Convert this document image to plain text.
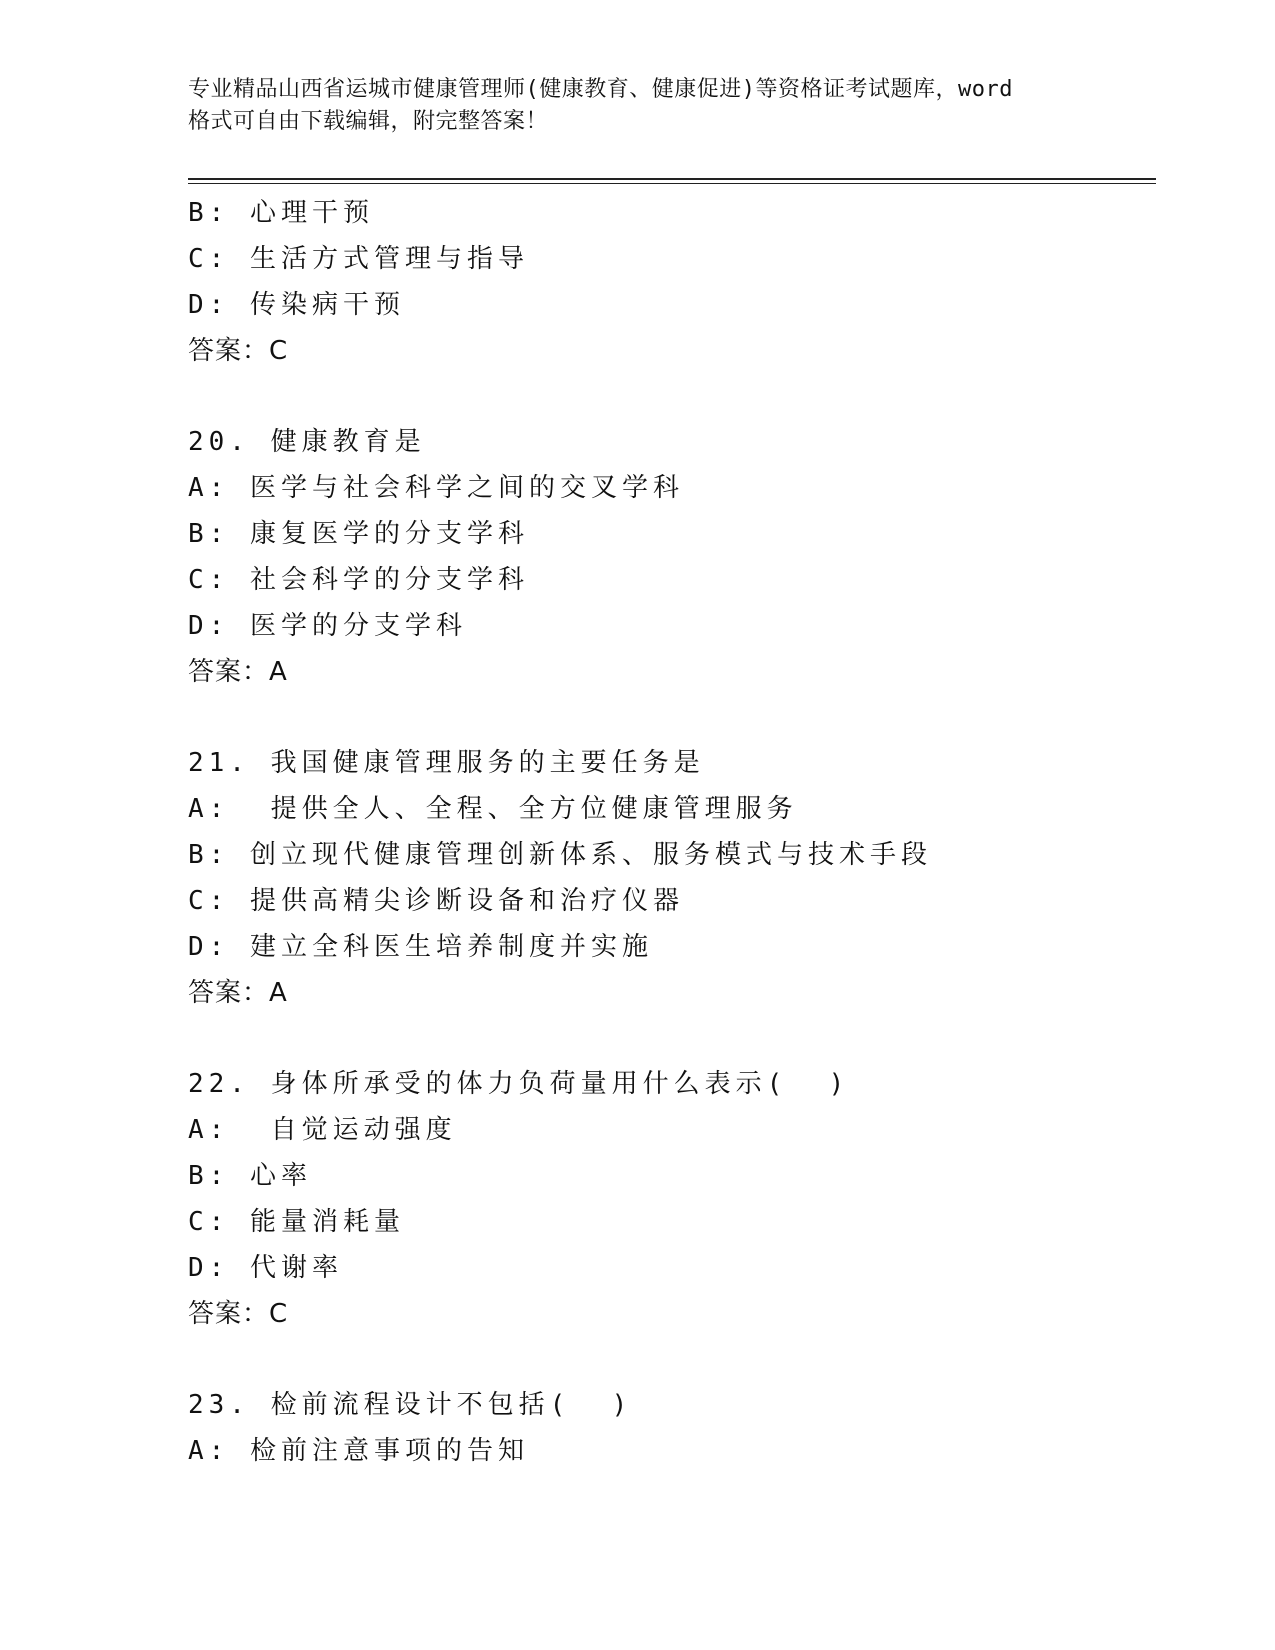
专业精品山西省运城市健康管理师(健康教育、健康促进)等资格证考试题库，word
格式可自由下载编辑，附完整答案！
B: 心理干预
C: 生活方式管理与指导
D: 传染病干预
答案：C
20. 健康教育是
A: 医学与社会科学之间的交叉学科
B: 康复医学的分支学科
C: 社会科学的分支学科
D: 医学的分支学科
答案：A
21. 我国健康管理服务的主要任务是
A:  提供全人、全程、全方位健康管理服务
B: 创立现代健康管理创新体系、服务模式与技术手段
C: 提供高精尖诊断设备和治疗仪器
D: 建立全科医生培养制度并实施
答案：A
22. 身体所承受的体力负荷量用什么表示(  )
A:  自觉运动强度
B: 心率
C: 能量消耗量
D: 代谢率
答案：C
23. 检前流程设计不包括(  )
A: 检前注意事项的告知
